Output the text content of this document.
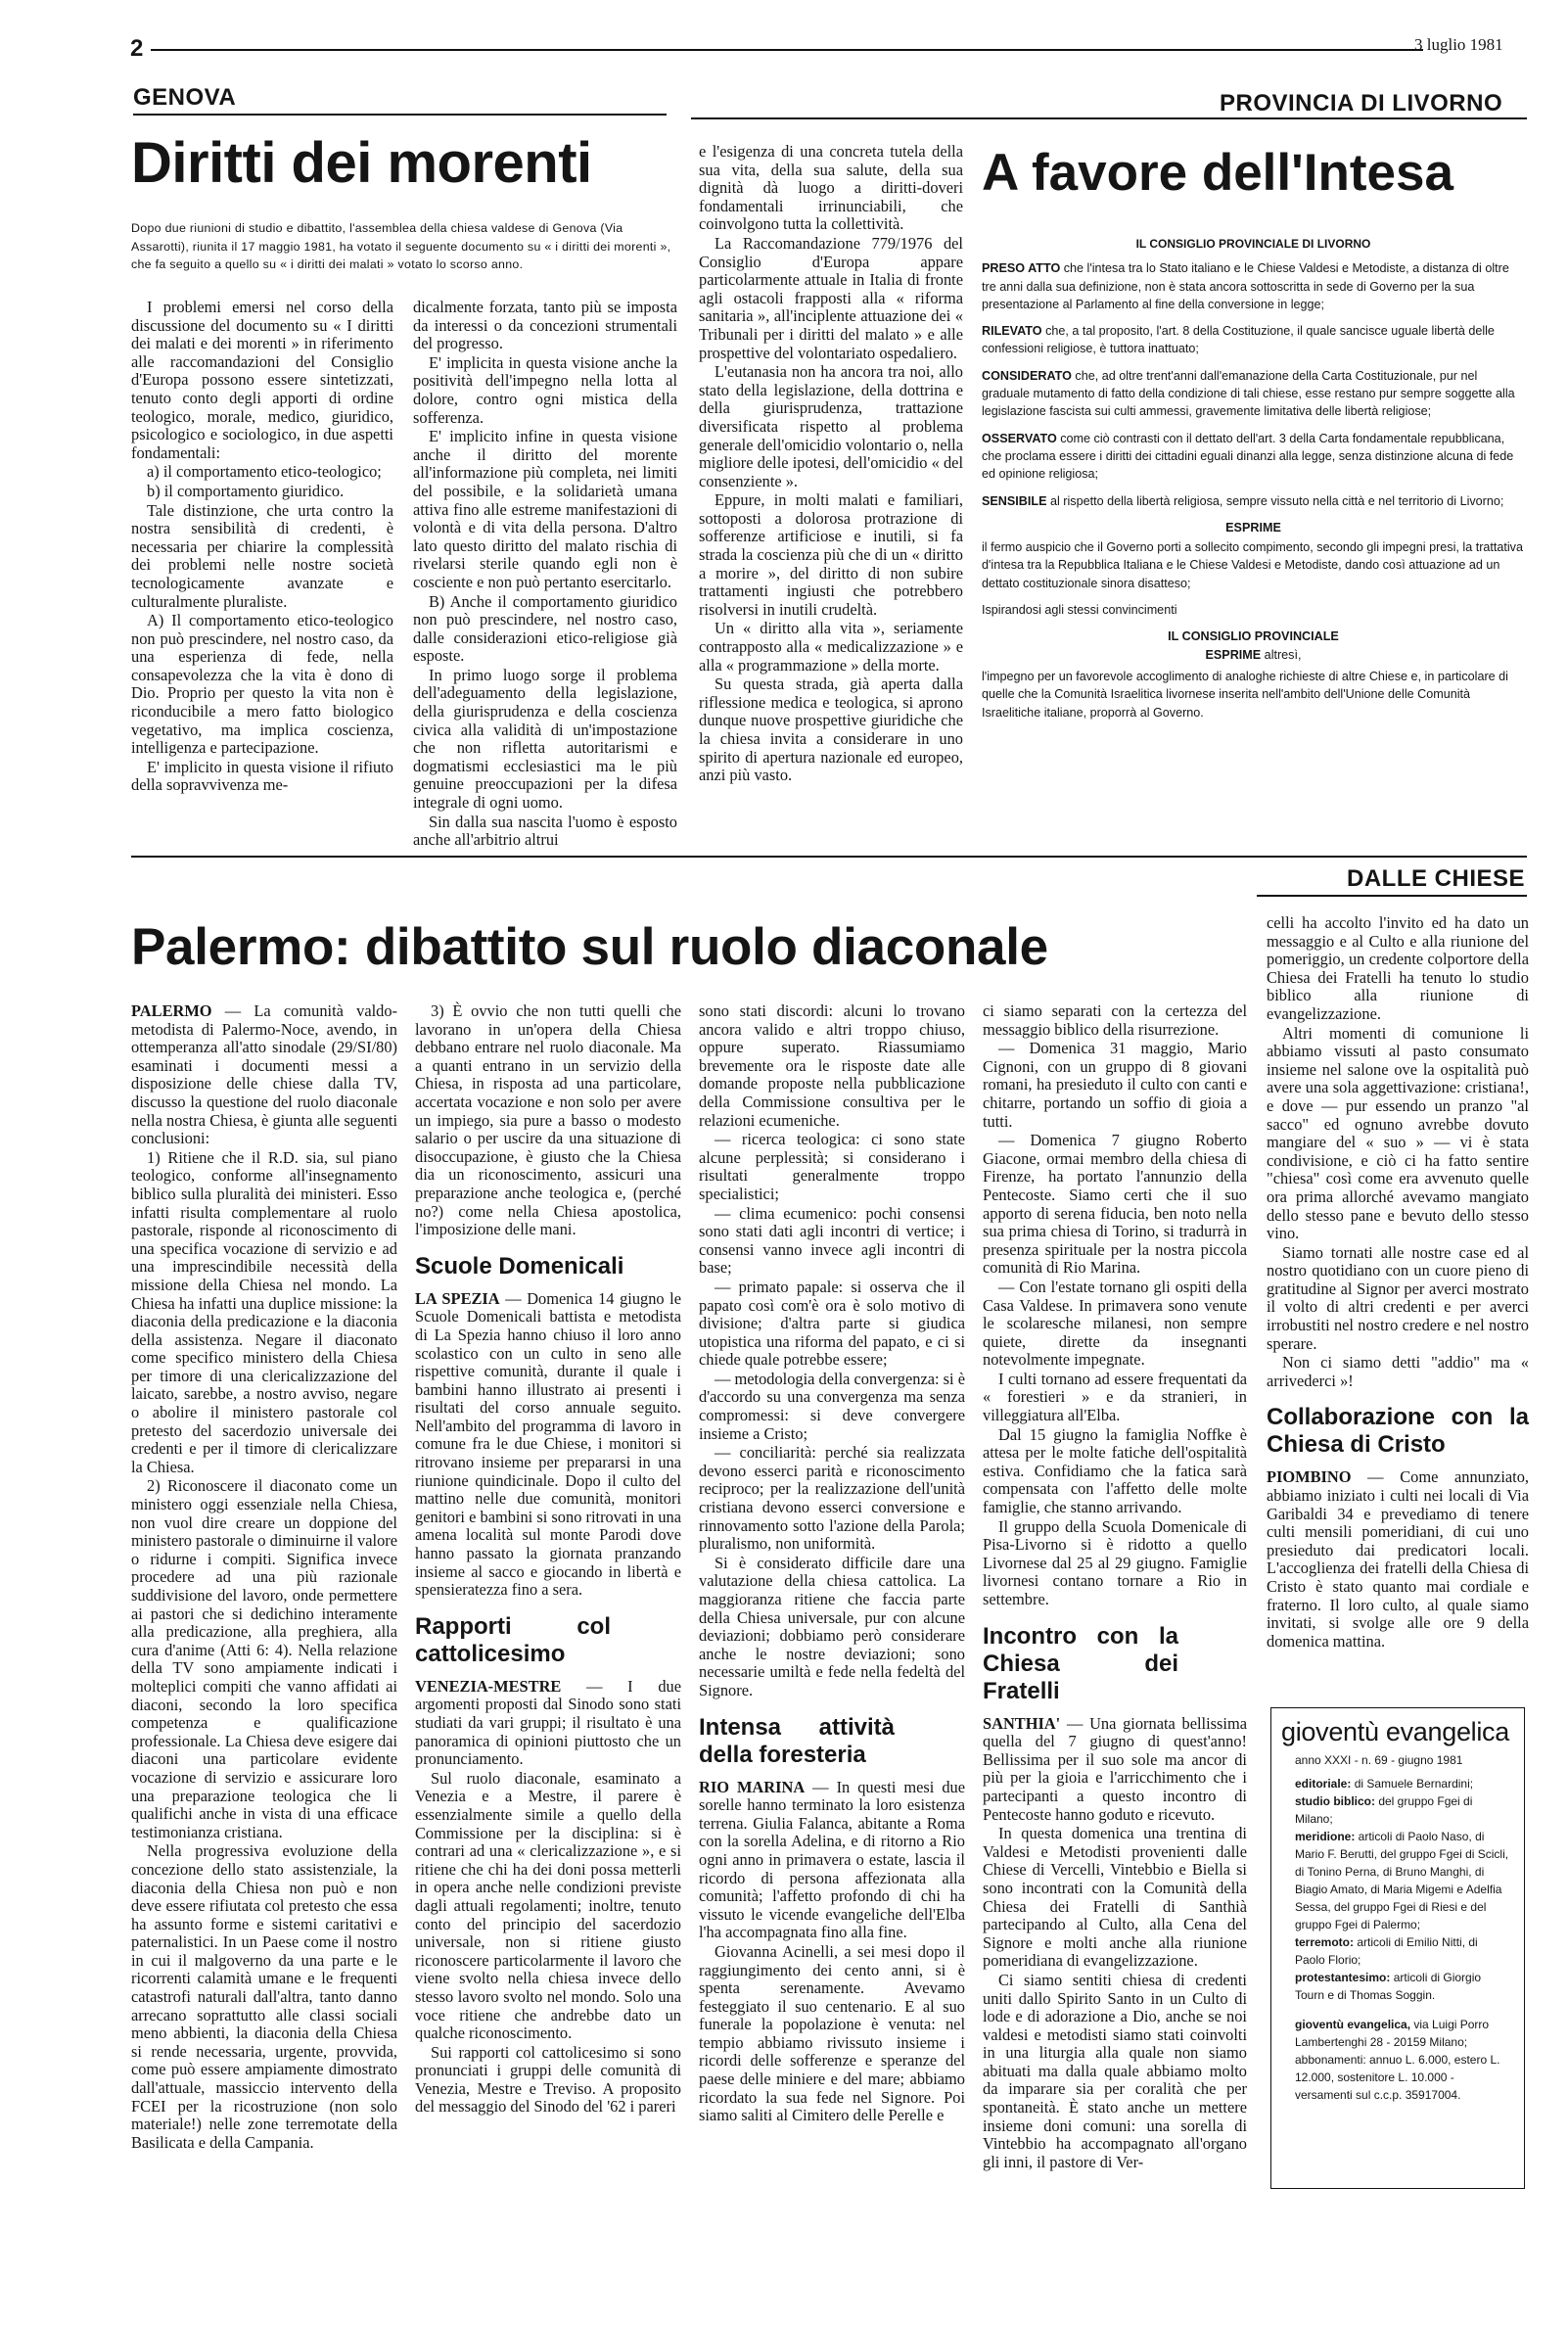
2	3 luglio 1981
GENOVA	PROVINCIA DI LIVORNO
Diritti dei morenti
Dopo due riunioni di studio e dibattito, l'assemblea della chiesa valdese di Genova (Via Assarotti), riunita il 17 maggio 1981, ha votato il seguente documento su « i diritti dei morenti », che fa seguito a quello su « i diritti dei malati » votato lo scorso anno.

I problemi emersi nel corso della discussione del documento su « I diritti dei malati e dei morenti » in riferimento alle raccomandazioni del Consiglio d'Europa possono essere sintetizzati, tenuto conto degli apporti di ordine teologico, morale, medico, giuridico, psicologico e sociologico, in due aspetti fondamentali:

a) il comportamento etico-teologico;

b) il comportamento giuridico.

Tale distinzione, che urta contro la nostra sensibilità di credenti, è necessaria per chiarire la complessità dei problemi nelle nostre società tecnologicamente avanzate e culturalmente pluraliste.

A) Il comportamento etico-teologico non può prescindere, nel nostro caso, da una esperienza di fede, nella consapevolezza che la vita è dono di Dio. Proprio per questo la vita non è riconducibile a mero fatto biologico vegetativo, ma implica coscienza, intelligenza e partecipazione.

E' implicito in questa visione il rifiuto della sopravvivenza me-

dicalmente forzata, tanto più se imposta da interessi o da concezioni strumentali del progresso.

E' implicita in questa visione anche la positività dell'impegno nella lotta al dolore, contro ogni mistica della sofferenza.

E' implicito infine in questa visione anche il diritto del morente all'informazione più completa, nei limiti del possibile, e la solidarietà umana attiva fino alle estreme manifestazioni di volontà e di vita della persona. D'altro lato questo diritto del malato rischia di rivelarsi sterile quando egli non è cosciente e non può pertanto esercitarlo.

B) Anche il comportamento giuridico non può prescindere, nel nostro caso, dalle considerazioni etico-religiose già esposte.

In primo luogo sorge il problema dell'adeguamento della legislazione, della giurisprudenza e della coscienza civica alla validità di un'impostazione che non rifletta autoritarismi e dogmatismi ecclesiastici ma le più genuine preoccupazioni per la difesa integrale di ogni uomo.

Sin dalla sua nascita l'uomo è esposto anche all'arbitrio altrui

e l'esigenza di una concreta tutela della sua vita, della sua salute, della sua dignità dà luogo a diritti-doveri fondamentali irrinunciabili, che coinvolgono tutta la collettività.

La Raccomandazione 779/1976 del Consiglio d'Europa appare particolarmente attuale in Italia di fronte agli ostacoli frapposti alla « riforma sanitaria », all'inciplente attuazione dei « Tribunali per i diritti del malato » e alle prospettive del volontariato ospedaliero.

L'eutanasia non ha ancora tra noi, allo stato della legislazione, della dottrina e della giurisprudenza, trattazione diversificata rispetto al problema generale dell'omicidio volontario o, nella migliore delle ipotesi, dell'omicidio « del consenziente ».

Eppure, in molti malati e familiari, sottoposti a dolorosa protrazione di sofferenze artificiose e inutili, si fa strada la coscienza più che di un « diritto a morire », del diritto di non subire trattamenti ingiusti che potrebbero risolversi in inutili crudeltà.

Un « diritto alla vita », seriamente contrapposto alla « medicalizzazione » e alla « programmazione » della morte.

Su questa strada, già aperta dalla riflessione medica e teologica, si aprono dunque nuove prospettive giuridiche che la chiesa invita a considerare in uno spirito di apertura nazionale ed europeo, anzi più vasto.

A favore dell'Intesa

IL CONSIGLIO PROVINCIALE DI LIVORNO

PRESO ATTO che l'intesa tra lo Stato italiano e le Chiese Valdesi e Metodiste, a distanza di oltre tre anni dalla sua definizione, non è stata ancora sottoscritta in sede di Governo per la sua presentazione al Parlamento al fine della conversione in legge;

RILEVATO che, a tal proposito, l'art. 8 della Costituzione, il quale sancisce uguale libertà delle confessioni religiose, è tuttora inattuato;

CONSIDERATO che, ad oltre trent'anni dall'emanazione della Carta Costituzionale, pur nel graduale mutamento di fatto della condizione di tali chiese, esse restano pur sempre soggette alla legislazione fascista sui culti ammessi, gravemente limitativa delle libertà religiose;

OSSERVATO come ciò contrasti con il dettato dell'art. 3 della Carta fondamentale repubblicana, che proclama essere i diritti dei cittadini eguali dinanzi alla legge, senza distinzione alcuna di fede ed opinione religiosa;

SENSIBILE al rispetto della libertà religiosa, sempre vissuto nella città e nel territorio di Livorno;

ESPRIME

il fermo auspicio che il Governo porti a sollecito compimento, secondo gli impegni presi, la trattativa d'intesa tra la Repubblica Italiana e le Chiese Valdesi e Metodiste, dando così attuazione ad un dettato costituzionale sinora disatteso;

Ispirandosi agli stessi convincimenti

IL CONSIGLIO PROVINCIALE

ESPRIME altresì,

l'impegno per un favorevole accoglimento di analoghe richieste di altre Chiese e, in particolare di quelle che la Comunità Israelitica livornese inserita nell'ambito dell'Unione delle Comunità Israelitiche italiane, proporrà al Governo.

DALLE CHIESE
Palermo: dibattito sul ruolo diaconale

PALERMO — La comunità valdo-metodista di Palermo-Noce, avendo, in ottemperanza all'atto sinodale (29/SI/80) esaminati i documenti messi a disposizione delle chiese dalla TV, discusso la questione del ruolo diaconale nella nostra Chiesa, è giunta alle seguenti conclusioni:

1) Ritiene che il R.D. sia, sul piano teologico, conforme all'insegnamento biblico sulla pluralità dei ministeri. Esso infatti risulta complementare al ruolo pastorale, risponde al riconoscimento di una specifica vocazione di servizio e ad una imprescindibile necessità della missione della Chiesa nel mondo. La Chiesa ha infatti una duplice missione: la diaconia della predicazione e la diaconia della assistenza. Negare il diaconato come specifico ministero della Chiesa per timore di una clericalizzazione del laicato, sarebbe, a nostro avviso, negare o abolire il ministero pastorale col pretesto del sacerdozio universale dei credenti e per il timore di clericalizzare la Chiesa.

2) Riconoscere il diaconato come un ministero oggi essenziale nella Chiesa, non vuol dire creare un doppione del ministero pastorale o diminuirne il valore o ridurne i compiti. Significa invece procedere ad una più razionale suddivisione del lavoro, onde permettere ai pastori che si dedichino interamente alla predicazione, alla preghiera, alla cura d'anime (Atti 6: 4). Nella relazione della TV sono ampiamente indicati i molteplici compiti che vanno affidati ai diaconi, secondo la loro specifica competenza e qualificazione professionale. La Chiesa deve esigere dai diaconi una particolare evidente vocazione di servizio e assicurare loro una preparazione teologica che li qualifichi anche in vista di una efficace testimonianza cristiana.

Nella progressiva evoluzione della concezione dello stato assistenziale, la diaconia della Chiesa non può e non deve essere rifiutata col pretesto che essa ha assunto forme e sistemi caritativi e paternalistici. In un Paese come il nostro in cui il malgoverno da una parte e le ricorrenti calamità umane e le frequenti catastrofi naturali dall'altra, tanto danno arrecano soprattutto alle classi sociali meno abbienti, la diaconia della Chiesa si rende necessaria, urgente, provvida, come può essere ampiamente dimostrato dall'attuale, massiccio intervento della FCEI per la ricostruzione (non solo materiale!) nelle zone terremotate della Basilicata e della Campania.

3) È ovvio che non tutti quelli che lavorano in un'opera della Chiesa debbano entrare nel ruolo diaconale. Ma a quanti entrano in un servizio della Chiesa, in risposta ad una particolare, accertata vocazione e non solo per avere un impiego, sia pure a basso o modesto salario o per uscire da una situazione di disoccupazione, è giusto che la Chiesa dia un riconoscimento, assicuri una preparazione anche teologica e, (perché no?) come nella Chiesa apostolica, l'imposizione delle mani.

Scuole Domenicali

LA SPEZIA — Domenica 14 giugno le Scuole Domenicali battista e metodista di La Spezia hanno chiuso il loro anno scolastico con un culto in seno alle rispettive comunità, durante il quale i bambini hanno illustrato ai presenti i risultati del corso annuale seguito. Nell'ambito del programma di lavoro in comune fra le due Chiese, i monitori si ritrovano insieme per prepararsi in una riunione quindicinale. Dopo il culto del mattino nelle due comunità, monitori genitori e bambini si sono ritrovati in una amena località sul monte Parodi dove hanno passato la giornata pranzando insieme al sacco e giocando in libertà e spensieratezza fino a sera.

Rapporti col cattolicesimo

VENEZIA-MESTRE — I due argomenti proposti dal Sinodo sono stati studiati da vari gruppi; il risultato è una panoramica di opinioni piuttosto che un pronunciamento.

Sul ruolo diaconale, esaminato a Venezia e a Mestre, il parere è essenzialmente simile a quello della Commissione per la disciplina: si è contrari ad una « clericalizzazione », e si ritiene che chi ha dei doni possa metterli in opera anche nelle condizioni previste dagli attuali regolamenti; inoltre, tenuto conto del principio del sacerdozio universale, non si ritiene giusto riconoscere particolarmente il lavoro che viene svolto nella chiesa invece dello stesso lavoro svolto nel mondo. Solo una voce ritiene che andrebbe dato un qualche riconoscimento.

Sui rapporti col cattolicesimo si sono pronunciati i gruppi delle comunità di Venezia, Mestre e Treviso. A proposito del messaggio del Sinodo del '62 i pareri

sono stati discordi: alcuni lo trovano ancora valido e altri troppo chiuso, oppure superato. Riassumiamo brevemente ora le risposte date alle domande proposte nella pubblicazione della Commissione consultiva per le relazioni ecumeniche.

— ricerca teologica: ci sono state alcune perplessità; si considerano i risultati generalmente troppo specialistici;

— clima ecumenico: pochi consensi sono stati dati agli incontri di vertice; i consensi vanno invece agli incontri di base;

— primato papale: si osserva che il papato così com'è ora è solo motivo di divisione; d'altra parte si giudica utopistica una riforma del papato, e ci si chiede quale potrebbe essere;

— metodologia della convergenza: si è d'accordo su una convergenza ma senza compromessi: si deve convergere insieme a Cristo;

— conciliarità: perché sia realizzata devono esserci parità e riconoscimento reciproco; per la realizzazione dell'unità cristiana devono esserci conversione e rinnovamento sotto l'azione della Parola; pluralismo, non uniformità.

Si è considerato difficile dare una valutazione della chiesa cattolica. La maggioranza ritiene che faccia parte della Chiesa universale, pur con alcune deviazioni; dobbiamo però considerare anche le nostre deviazioni; sono necessarie umiltà e fede nella fedeltà del Signore.

Intensa attività della foresteria

RIO MARINA — In questi mesi due sorelle hanno terminato la loro esistenza terrena. Giulia Falanca, abitante a Roma con la sorella Adelina, e di ritorno a Rio ogni anno in primavera o estate, lascia il ricordo di persona affezionata alla comunità; l'affetto profondo di chi ha vissuto le vicende evangeliche dell'Elba l'ha accompagnata fino alla fine.

Giovanna Acinelli, a sei mesi dopo il raggiungimento dei cento anni, si è spenta serenamente. Avevamo festeggiato il suo centenario. E al suo funerale la popolazione è venuta: nel tempio abbiamo rivissuto insieme i ricordi delle sofferenze e speranze del paese delle miniere e del mare; abbiamo ricordato la sua fede nel Signore. Poi siamo saliti al Cimitero delle Perelle e

ci siamo separati con la certezza del messaggio biblico della risurrezione.

— Domenica 31 maggio, Mario Cignoni, con un gruppo di 8 giovani romani, ha presieduto il culto con canti e chitarre, portando un soffio di gioia a tutti.

— Domenica 7 giugno Roberto Giacone, ormai membro della chiesa di Firenze, ha portato l'annunzio della Pentecoste. Siamo certi che il suo apporto di serena fiducia, ben noto nella sua prima chiesa di Torino, si tradurrà in presenza spirituale per la nostra piccola comunità di Rio Marina.

— Con l'estate tornano gli ospiti della Casa Valdese. In primavera sono venute le scolaresche milanesi, non sempre quiete, dirette da insegnanti notevolmente impegnate.

I culti tornano ad essere frequentati da « forestieri » e da stranieri, in villeggiatura all'Elba.

Dal 15 giugno la famiglia Noffke è attesa per le molte fatiche dell'ospitalità estiva. Confidiamo che la fatica sarà compensata con l'affetto delle molte famiglie, che stanno arrivando.

Il gruppo della Scuola Domenicale di Pisa-Livorno si è ridotto a quello Livornese dal 25 al 29 giugno. Famiglie livornesi contano tornare a Rio in settembre.

Incontro con la Chiesa dei Fratelli

SANTHIA' — Una giornata bellissima quella del 7 giugno di quest'anno! Bellissima per il suo sole ma ancor di più per la gioia e l'arricchimento che i partecipanti a questo incontro di Pentecoste hanno goduto e ricevuto.

In questa domenica una trentina di Valdesi e Metodisti provenienti dalle Chiese di Vercelli, Vintebbio e Biella si sono incontrati con la Comunità della Chiesa dei Fratelli di Santhià partecipando al Culto, alla Cena del Signore e molti anche alla riunione pomeridiana di evangelizzazione.

Ci siamo sentiti chiesa di credenti uniti dallo Spirito Santo in un Culto di lode e di adorazione a Dio, anche se noi valdesi e metodisti siamo stati coinvolti in una liturgia alla quale non siamo abituati ma dalla quale abbiamo molto da imparare sia per coralità che per spontaneità. È stato anche un mettere insieme doni comuni: una sorella di Vintebbio ha accompagnato all'organo gli inni, il pastore di Ver-

celli ha accolto l'invito ed ha dato un messaggio e al Culto e alla riunione del pomeriggio, un credente colportore della Chiesa dei Fratelli ha tenuto lo studio biblico alla riunione di evangelizzazione.

Altri momenti di comunione li abbiamo vissuti al pasto consumato insieme nel salone ove la ospitalità può avere una sola aggettivazione: cristiana!, e dove — pur essendo un pranzo "al sacco" ed ognuno avrebbe dovuto mangiare del « suo » — vi è stata condivisione, e ciò ci ha fatto sentire "chiesa" così come era avvenuto quelle ora prima allorché avevamo mangiato dello stesso pane e bevuto dello stesso vino.

Siamo tornati alle nostre case ed al nostro quotidiano con un cuore pieno di gratitudine al Signor per averci mostrato il volto di altri credenti e per averci irrobustiti nel nostro credere e nel nostro sperare.

Non ci siamo detti "addio" ma « arrivederci »!

Collaborazione con la Chiesa di Cristo

PIOMBINO — Come annunziato, abbiamo iniziato i culti nei locali di Via Garibaldi 34 e prevediamo di tenere culti mensili pomeridiani, di cui uno presieduto dai predicatori locali. L'accoglienza dei fratelli della Chiesa di Cristo è stato quanto mai cordiale e fraterno. Il loro culto, al quale siamo invitati, si svolge alle ore 9 della domenica mattina.

gioventù evangelica
anno XXXI - n. 69 - giugno 1981
editoriale: di Samuele Bernardini;
studio biblico: del gruppo Fgei di Milano;
meridione: articoli di Paolo Naso, di Mario F. Berutti, del gruppo Fgei di Scicli, di Tonino Perna, di Bruno Manghi, di Biagio Amato, di Maria Migemi e Adelfia Sessa, del gruppo Fgei di Riesi e del gruppo Fgei di Palermo;
terremoto: articoli di Emilio Nitti, di Paolo Florio;
protestantesimo: articoli di Giorgio Tourn e di Thomas Soggin.
gioventù evangelica, via Luigi Porro Lambertenghi 28 - 20159 Milano; abbonamenti: annuo L. 6.000, estero L. 12.000, sostenitore L. 10.000 - versamenti sul c.c.p. 35917004.
